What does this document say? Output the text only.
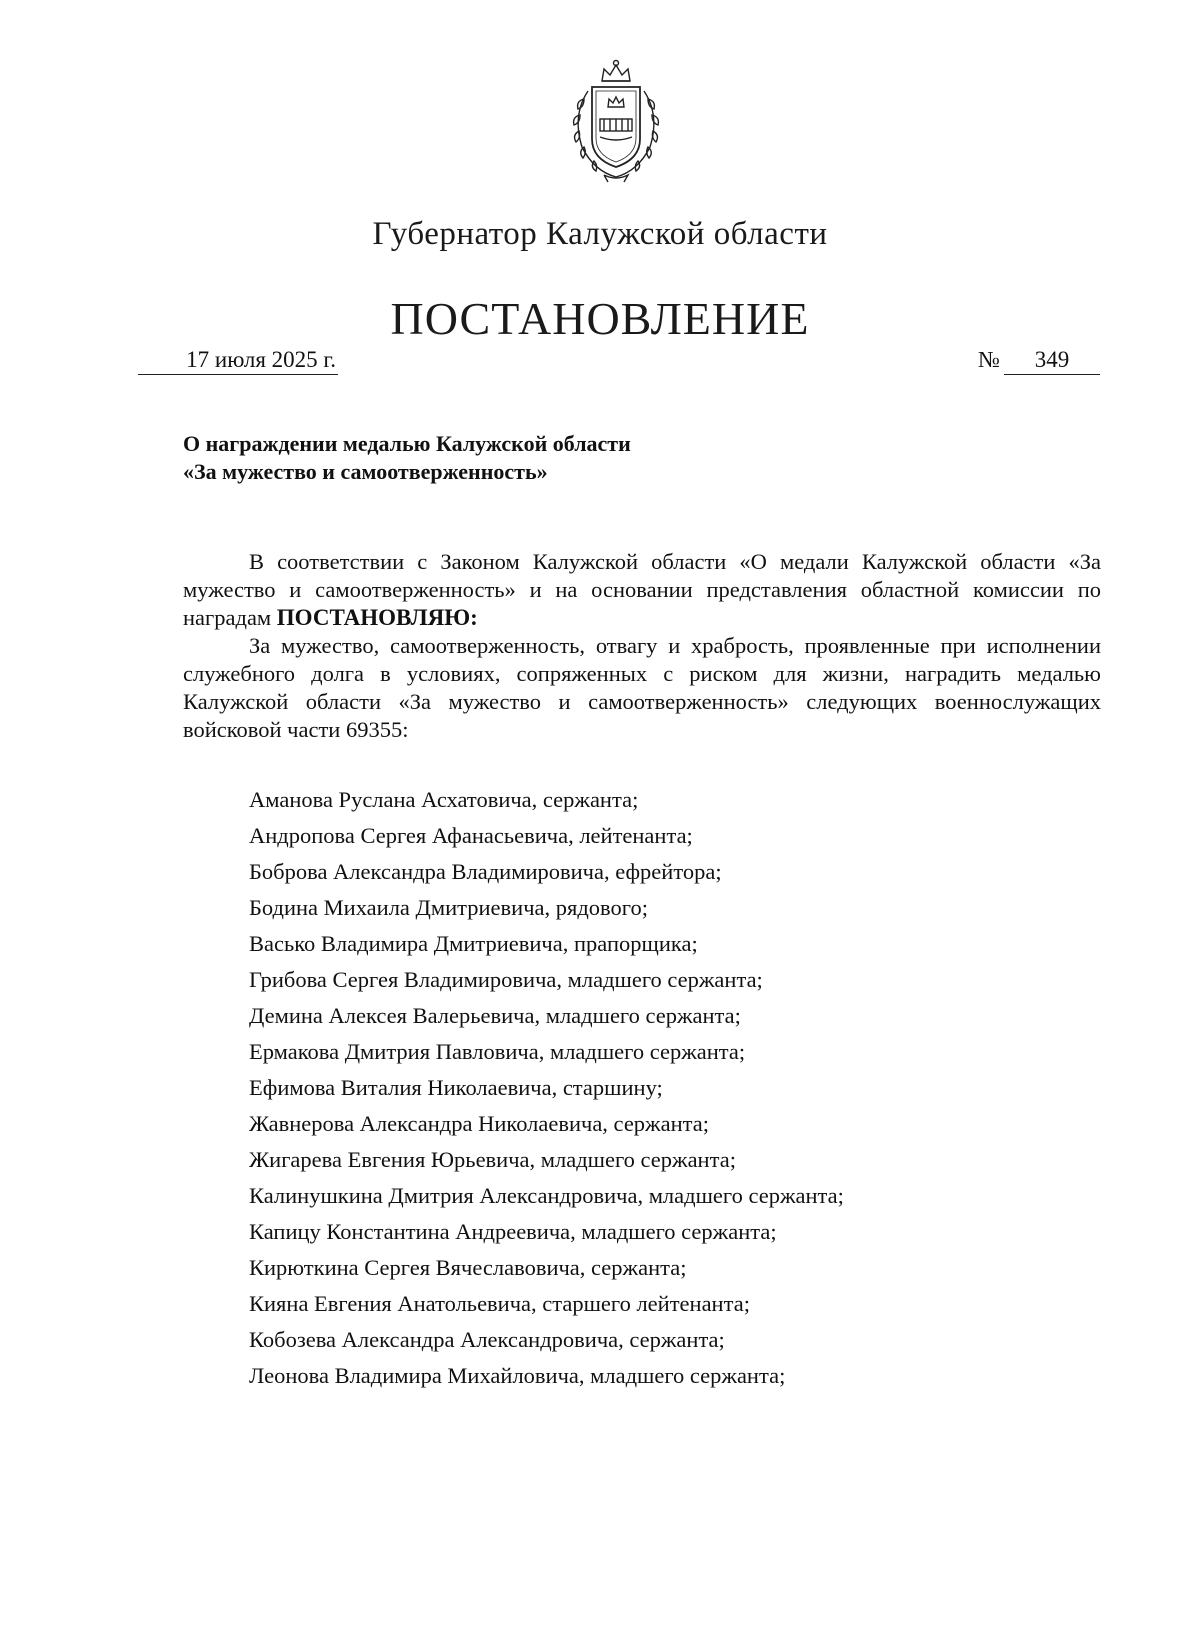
Губернатор Калужской области
ПОСТАНОВЛЕНИЕ
17 июля 2025 г.	№ 349
О награждении медалью Калужской области
«За мужество и самоотверженность»

В соответствии с Законом Калужской области «О медали Калужской области «За мужество и самоотверженность» и на основании представления областной комиссии по наградам ПОСТАНОВЛЯЮ:

За мужество, самоотверженность, отвагу и храбрость, проявленные при исполнении служебного долга в условиях, сопряженных с риском для жизни, наградить медалью Калужской области «За мужество и самоотверженность» следующих военнослужащих войсковой части 69355:

Аманова Руслана Асхатовича, сержанта;
Андропова Сергея Афанасьевича, лейтенанта;
Боброва Александра Владимировича, ефрейтора;
Бодина Михаила Дмитриевича, рядового;
Васько Владимира Дмитриевича, прапорщика;
Грибова Сергея Владимировича, младшего сержанта;
Демина Алексея Валерьевича, младшего сержанта;
Ермакова Дмитрия Павловича, младшего сержанта;
Ефимова Виталия Николаевича, старшину;
Жавнерова Александра Николаевича, сержанта;
Жигарева Евгения Юрьевича, младшего сержанта;
Калинушкина Дмитрия Александровича, младшего сержанта;
Капицу Константина Андреевича, младшего сержанта;
Кирюткина Сергея Вячеславовича, сержанта;
Кияна Евгения Анатольевича, старшего лейтенанта;
Кобозева Александра Александровича, сержанта;
Леонова Владимира Михайловича, младшего сержанта;
